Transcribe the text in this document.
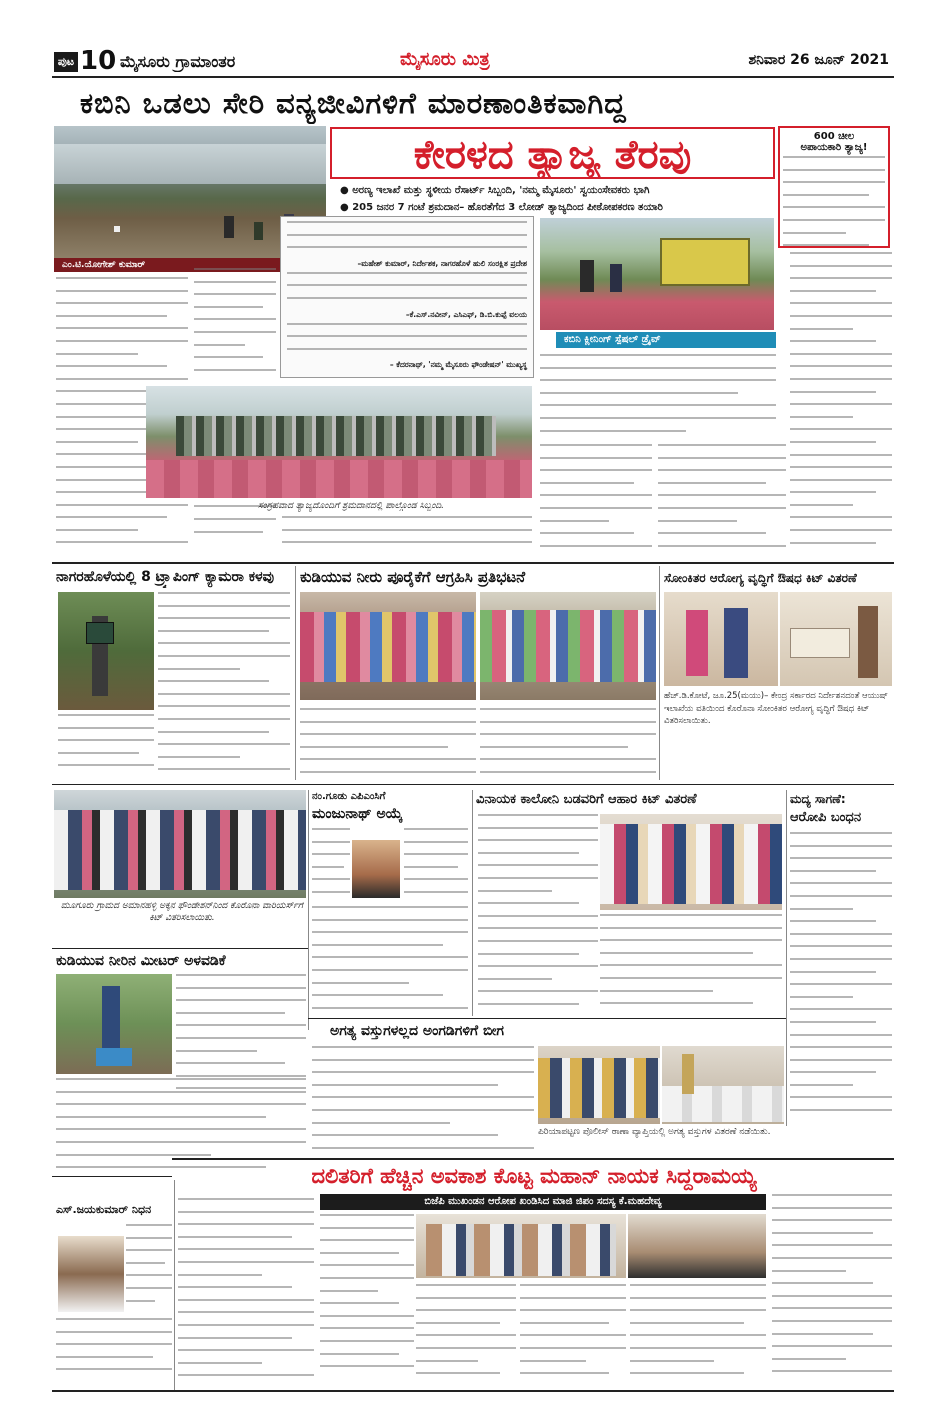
ಪುಟ 10 ಮೈಸೂರು ಗ್ರಾಮಾಂತರ	ಮೈಸೂರು ಮಿತ್ರ	ಶನಿವಾರ 26 ಜೂನ್ 2021
ಕಬಿನಿ ಒಡಲು ಸೇರಿ ವನ್ಯಜೀವಿಗಳಿಗೆ ಮಾರಣಾಂತಿಕವಾಗಿದ್ದ
ಎಂ.ಟಿ.ಯೋಗೇಶ್ ಕುಮಾರ್
ಕೇರಳದ ತ್ಯಾಜ್ಯ ತೆರವು	600 ಚೀಲ
ಅಪಾಯಕಾರಿ ತ್ಯಾಜ್ಯ!
● ಅರಣ್ಯ ಇಲಾಖೆ ಮತ್ತು ಸ್ಥಳೀಯ ರೆಸಾರ್ಟ್ ಸಿಬ್ಬಂದಿ, 'ನಮ್ಮ ಮೈಸೂರು' ಸ್ವಯಂಸೇವಕರು ಭಾಗಿ
● 205 ಜನರ 7 ಗಂಟೆ ಶ್ರಮದಾನ– ಹೊರತೆಗೆದ 3 ಲೋಡ್ ತ್ಯಾಜ್ಯದಿಂದ ಪೀಠೋಪಕರಣ ತಯಾರಿ
–ಮಹೇಶ್ ಕುಮಾರ್, ನಿರ್ದೇಶಕ, ನಾಗರಹೊಳೆ ಹುಲಿ ಸಂರಕ್ಷಿತ ಪ್ರದೇಶ
–ಕೆ.ಎಸ್.ನವೀನ್, ಎಸಿಎಫ್, ಡಿ.ಬಿ.ಕುಪ್ಪೆ ವಲಯ
– ಕೆದರನಾಥ್, 'ನಮ್ಮ ಮೈಸೂರು ಫೌಂಡೇಷನ್' ಮುಖ್ಯಸ್ಥ
ಕಬಿನಿ ಕ್ಲೀನಿಂಗ್ ಸ್ಪೆಷಲ್ ಡ್ರೈವ್
ಸಂಗ್ರಹವಾದ ತ್ಯಾಜ್ಯದೊಂದಿಗೆ ಶ್ರಮದಾನದಲ್ಲಿ ಪಾಲ್ಗೊಂಡ ಸಿಬ್ಬಂದಿ.
ನಾಗರಹೊಳೆಯಲ್ಲಿ 8 ಟ್ರ್ಯಾಪಿಂಗ್ ಕ್ಯಾಮರಾ ಕಳವು	ಕುಡಿಯುವ ನೀರು ಪೂರೈಕೆಗೆ ಆಗ್ರಹಿಸಿ ಪ್ರತಿಭಟನೆ	ಸೋಂಕಿತರ ಆರೋಗ್ಯ ವೃದ್ಧಿಗೆ ಔಷಧ ಕಿಟ್ ವಿತರಣೆ
ಹೆಚ್.ಡಿ.ಕೋಟೆ, ಜೂ.25(ಮಯು)– ಕೇಂದ್ರ ಸರ್ಕಾರದ ನಿರ್ದೇಶನದಂತೆ ಆಯುಷ್ ಇಲಾಖೆಯ ವತಿಯಿಂದ ಕೊರೊನಾ ಸೋಂಕಿತರ ಆರೋಗ್ಯ ವೃದ್ಧಿಗೆ ಔಷಧ ಕಿಟ್ ವಿತರಿಸಲಾಯಿತು.
ಮೂಗೂರು ಗ್ರಾಮದ ಅಮಾನಹಳ್ಳಿ ಅಕ್ಕನ ಫೌಂಡೇಶನ್‌ನಿಂದ ಕೊರೊನಾ ವಾರಿಯರ್ಸ್‌ಗೆ ಕಿಟ್ ವಿತರಿಸಲಾಯಿತು.
ನಂ.ಗೂಡು ಎಪಿಎಂಸಿಗೆ
ಮಂಜುನಾಥ್ ಅಯ್ಕೆ
ವಿನಾಯಕ ಕಾಲೋನಿ ಬಡವರಿಗೆ ಆಹಾರ ಕಿಟ್ ವಿತರಣೆ	ಮದ್ಯ ಸಾಗಣೆ:
ಆರೋಪಿ ಬಂಧನ
ಕುಡಿಯುವ ನೀರಿನ ಮೀಟರ್ ಅಳವಡಿಕೆ
ಅಗತ್ಯ ವಸ್ತುಗಳಲ್ಲದ ಅಂಗಡಿಗಳಿಗೆ ಬೀಗ
ಪಿರಿಯಾಪಟ್ಟಣ ಪೊಲೀಸ್ ಠಾಣಾ ವ್ಯಾಪ್ತಿಯಲ್ಲಿ ಅಗತ್ಯ ವಸ್ತುಗಳ ವಿತರಣೆ ನಡೆಯಿತು.
ದಲಿತರಿಗೆ ಹೆಚ್ಚಿನ ಅವಕಾಶ ಕೊಟ್ಟ ಮಹಾನ್ ನಾಯಕ ಸಿದ್ದರಾಮಯ್ಯ
ಎಸ್.ಜಯಕುಮಾರ್ ನಿಧನ
ಬಿಜೆಪಿ ಮುಖಂಡನ ಆರೋಪ ಖಂಡಿಸಿದ ಮಾಜಿ ಜಿಪಂ ಸದಸ್ಯ ಕೆ.ಮಹದೇವ್ಯ
